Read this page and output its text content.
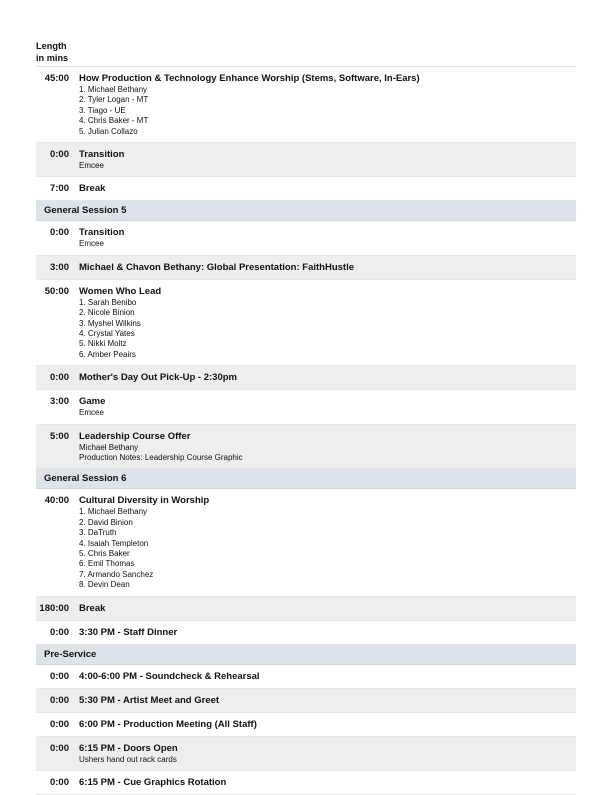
Length
in mins
45:00 How Production & Technology Enhance Worship (Stems, Software, In-Ears)
1. Michael Bethany
2. Tyler Logan - MT
3. Tiago - UE
4. Chris Baker - MT
5. Julian Collazo
0:00 Transition
Emcee
7:00 Break
General Session 5
0:00 Transition
Emcee
3:00 Michael & Chavon Bethany: Global Presentation: FaithHustle
50:00 Women Who Lead
1. Sarah Benibo
2. Nicole Binion
3. Myshel Wilkins
4. Crystal Yates
5. Nikki Moltz
6. Amber Peairs
0:00 Mother's Day Out Pick-Up - 2:30pm
3:00 Game
Emcee
5:00 Leadership Course Offer
Michael Bethany
Production Notes: Leadership Course Graphic
General Session 6
40:00 Cultural Diversity in Worship
1. Michael Bethany
2. David Binion
3. DaTruth
4. Isaiah Templeton
5. Chris Baker
6. Emil Thomas
7. Armando Sanchez
8. Devin Dean
180:00 Break
0:00 3:30 PM - Staff Dinner
Pre-Service
0:00 4:00-6:00 PM - Soundcheck & Rehearsal
0:00 5:30 PM - Artist Meet and Greet
0:00 6:00 PM - Production Meeting (All Staff)
0:00 6:15 PM - Doors Open
Ushers hand out rack cards
0:00 6:15 PM - Cue Graphics Rotation
